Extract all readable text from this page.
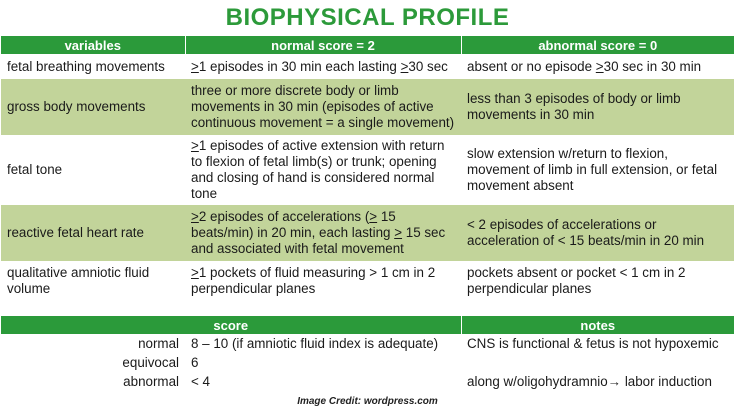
BIOPHYSICAL PROFILE
variables	normal score = 2	abnormal score = 0
fetal breathing movements	>1 episodes in 30 min each lasting >30 sec	absent or no episode >30 sec in 30 min
gross body movements	three or more discrete body or limb movements in 30 min (episodes of active continuous movement = a single movement)	less than 3 episodes of body or limb movements in 30 min
fetal tone	>1 episodes of active extension with return to flexion of fetal limb(s) or trunk; opening and closing of hand is considered normal tone	slow extension w/return to flexion, movement of limb in full extension, or fetal movement absent
reactive fetal heart rate	>2 episodes of accelerations (> 15 beats/min) in 20 min, each lasting > 15 sec and associated with fetal movement	< 2 episodes of accelerations or acceleration of < 15 beats/min in 20 min
qualitative amniotic fluid volume	>1 pockets of fluid measuring > 1 cm in 2 perpendicular planes	pockets absent or pocket < 1 cm in 2 perpendicular planes
score		notes
normal	8 – 10 (if amniotic fluid index is adequate)	CNS is functional & fetus is not hypoxemic
equivocal	6	
abnormal	< 4	along w/oligohydramnio→ labor induction
Image Credit: wordpress.com
